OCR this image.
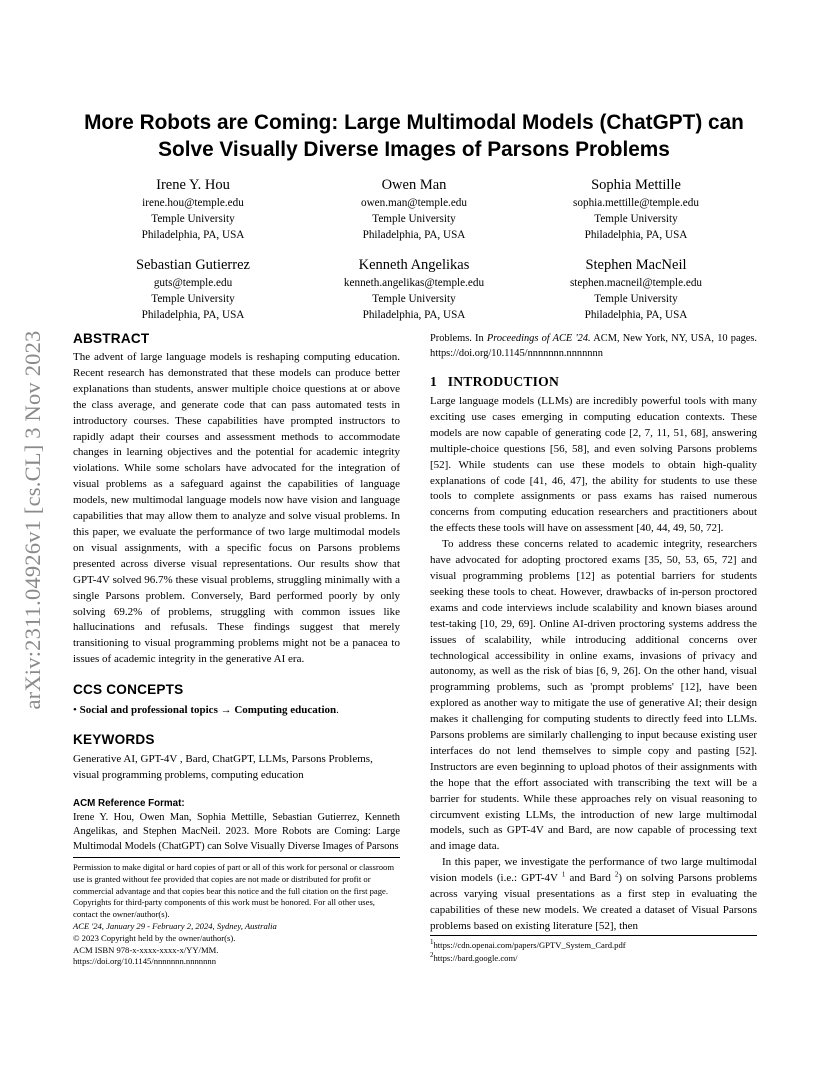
arXiv:2311.04926v1 [cs.CL] 3 Nov 2023
More Robots are Coming: Large Multimodal Models (ChatGPT) can Solve Visually Diverse Images of Parsons Problems
Irene Y. Hou
irene.hou@temple.edu
Temple University
Philadelphia, PA, USA
Owen Man
owen.man@temple.edu
Temple University
Philadelphia, PA, USA
Sophia Mettille
sophia.mettille@temple.edu
Temple University
Philadelphia, PA, USA
Sebastian Gutierrez
guts@temple.edu
Temple University
Philadelphia, PA, USA
Kenneth Angelikas
kenneth.angelikas@temple.edu
Temple University
Philadelphia, PA, USA
Stephen MacNeil
stephen.macneil@temple.edu
Temple University
Philadelphia, PA, USA
ABSTRACT

The advent of large language models is reshaping computing education. Recent research has demonstrated that these models can produce better explanations than students, answer multiple choice questions at or above the class average, and generate code that can pass automated tests in introductory courses. These capabilities have prompted instructors to rapidly adapt their courses and assessment methods to accommodate changes in learning objectives and the potential for academic integrity violations. While some scholars have advocated for the integration of visual problems as a safeguard against the capabilities of language models, new multimodal language models now have vision and language capabilities that may allow them to analyze and solve visual problems. In this paper, we evaluate the performance of two large multimodal models on visual assignments, with a specific focus on Parsons problems presented across diverse visual representations. Our results show that GPT-4V solved 96.7% these visual problems, struggling minimally with a single Parsons problem. Conversely, Bard performed poorly by only solving 69.2% of problems, struggling with common issues like hallucinations and refusals. These findings suggest that merely transitioning to visual programming problems might not be a panacea to issues of academic integrity in the generative AI era.

CCS CONCEPTS
• Social and professional topics → Computing education.
KEYWORDS

Generative AI, GPT-4V , Bard, ChatGPT, LLMs, Parsons Problems, visual programming problems, computing education

ACM Reference Format:
Irene Y. Hou, Owen Man, Sophia Mettille, Sebastian Gutierrez, Kenneth Angelikas, and Stephen MacNeil. 2023. More Robots are Coming: Large Multimodal Models (ChatGPT) can Solve Visually Diverse Images of Parsons

Permission to make digital or hard copies of part or all of this work for personal or classroom use is granted without fee provided that copies are not made or distributed for profit or commercial advantage and that copies bear this notice and the full citation on the first page. Copyrights for third-party components of this work must be honored. For all other uses, contact the owner/author(s).

ACE '24, January 29 - February 2, 2024, Sydney, Australia

© 2023 Copyright held by the owner/author(s).

ACM ISBN 978-x-xxxx-xxxx-x/YY/MM.

https://doi.org/10.1145/nnnnnnn.nnnnnnn

Problems. In Proceedings of ACE '24. ACM, New York, NY, USA, 10 pages. https://doi.org/10.1145/nnnnnnn.nnnnnnn
1   INTRODUCTION

Large language models (LLMs) are incredibly powerful tools with many exciting use cases emerging in computing education contexts. These models are now capable of generating code [2, 7, 11, 51, 68], answering multiple-choice questions [56, 58], and even solving Parsons problems [52]. While students can use these models to obtain high-quality explanations of code [41, 46, 47], the ability for students to use these tools to complete assignments or pass exams has raised numerous concerns from computing education researchers and practitioners about the effects these tools will have on assessment [40, 44, 49, 50, 72].

To address these concerns related to academic integrity, researchers have advocated for adopting proctored exams [35, 50, 53, 65, 72] and visual programming problems [12] as potential barriers for students seeking these tools to cheat. However, drawbacks of in-person proctored exams and code interviews include scalability and known biases around test-taking [10, 29, 69]. Online AI-driven proctoring systems address the issues of scalability, while introducing additional concerns over technological accessibility in online exams, invasions of privacy and autonomy, as well as the risk of bias [6, 9, 26]. On the other hand, visual programming problems, such as 'prompt problems' [12], have been explored as another way to mitigate the use of generative AI; their design makes it challenging for computing students to directly feed into LLMs. Parsons problems are similarly challenging to input because existing user interfaces do not lend themselves to simple copy and pasting [52]. Instructors are even beginning to upload photos of their assignments with the hope that the effort associated with transcribing the text will be a barrier for students. While these approaches rely on visual reasoning to circumvent existing LLMs, the introduction of new large multimodal models, such as GPT-4V and Bard, are now capable of processing text and image data.

In this paper, we investigate the performance of two large multimodal vision models (i.e.: GPT-4V $^1$ and Bard $^2$) on solving Parsons problems across varying visual presentations as a first step in evaluating the capabilities of these new models. We created a dataset of Visual Parsons problems based on existing literature [52], then

$^1$https://cdn.openai.com/papers/GPTV_System_Card.pdf

$^2$https://bard.google.com/
